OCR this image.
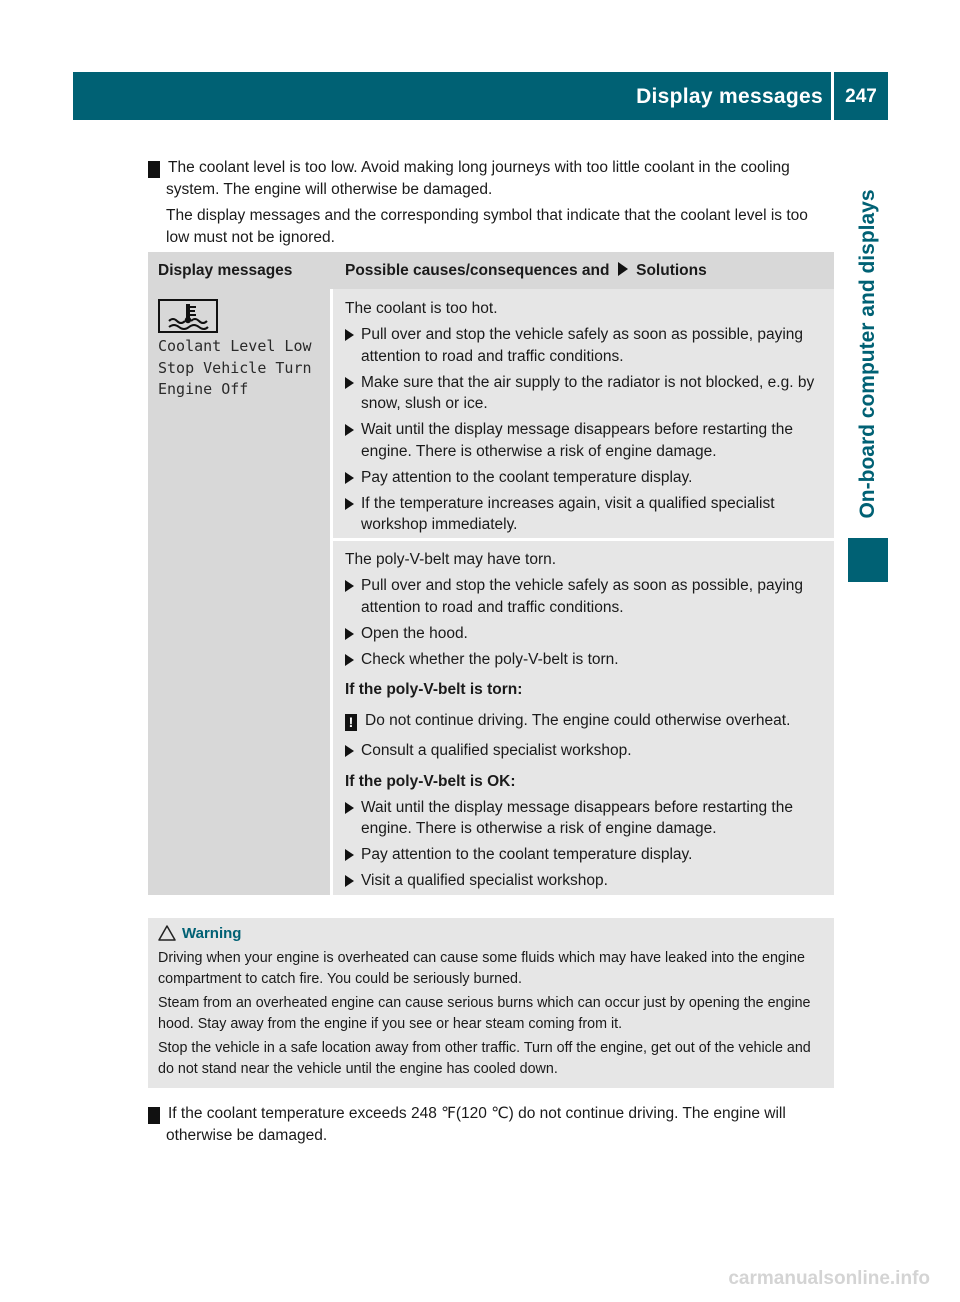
Display messages	247
On-board computer and displays
! The coolant level is too low. Avoid making long journeys with too little coolant in the cooling system. The engine will otherwise be damaged.
The display messages and the corresponding symbol that indicate that the coolant level is too low must not be ignored.
Display messages	Possible causes/consequences and Solutions
Coolant Level Low
Stop Vehicle Turn
Engine Off

The coolant is too hot.

Pull over and stop the vehicle safely as soon as possible, paying attention to road and traffic conditions.
Make sure that the air supply to the radiator is not blocked, e.g. by snow, slush or ice.
Wait until the display message disappears before restarting the engine. There is otherwise a risk of engine damage.
Pay attention to the coolant temperature display.
If the temperature increases again, visit a qualified specialist workshop immediately.

The poly-V-belt may have torn.

Pull over and stop the vehicle safely as soon as possible, paying attention to road and traffic conditions.
Open the hood.
Check whether the poly-V-belt is torn.
If the poly-V-belt is torn:
! Do not continue driving. The engine could otherwise overheat.
Consult a qualified specialist workshop.
If the poly-V-belt is OK:
Wait until the display message disappears before restarting the engine. There is otherwise a risk of engine damage.
Pay attention to the coolant temperature display.
Visit a qualified specialist workshop.
Warning

Driving when your engine is overheated can cause some fluids which may have leaked into the engine compartment to catch fire. You could be seriously burned.

Steam from an overheated engine can cause serious burns which can occur just by opening the engine hood. Stay away from the engine if you see or hear steam coming from it.

Stop the vehicle in a safe location away from other traffic. Turn off the engine, get out of the vehicle and do not stand near the vehicle until the engine has cooled down.

! If the coolant temperature exceeds 248 ℉(120 ℃) do not continue driving. The engine will otherwise be damaged.
carmanualsonline.info
